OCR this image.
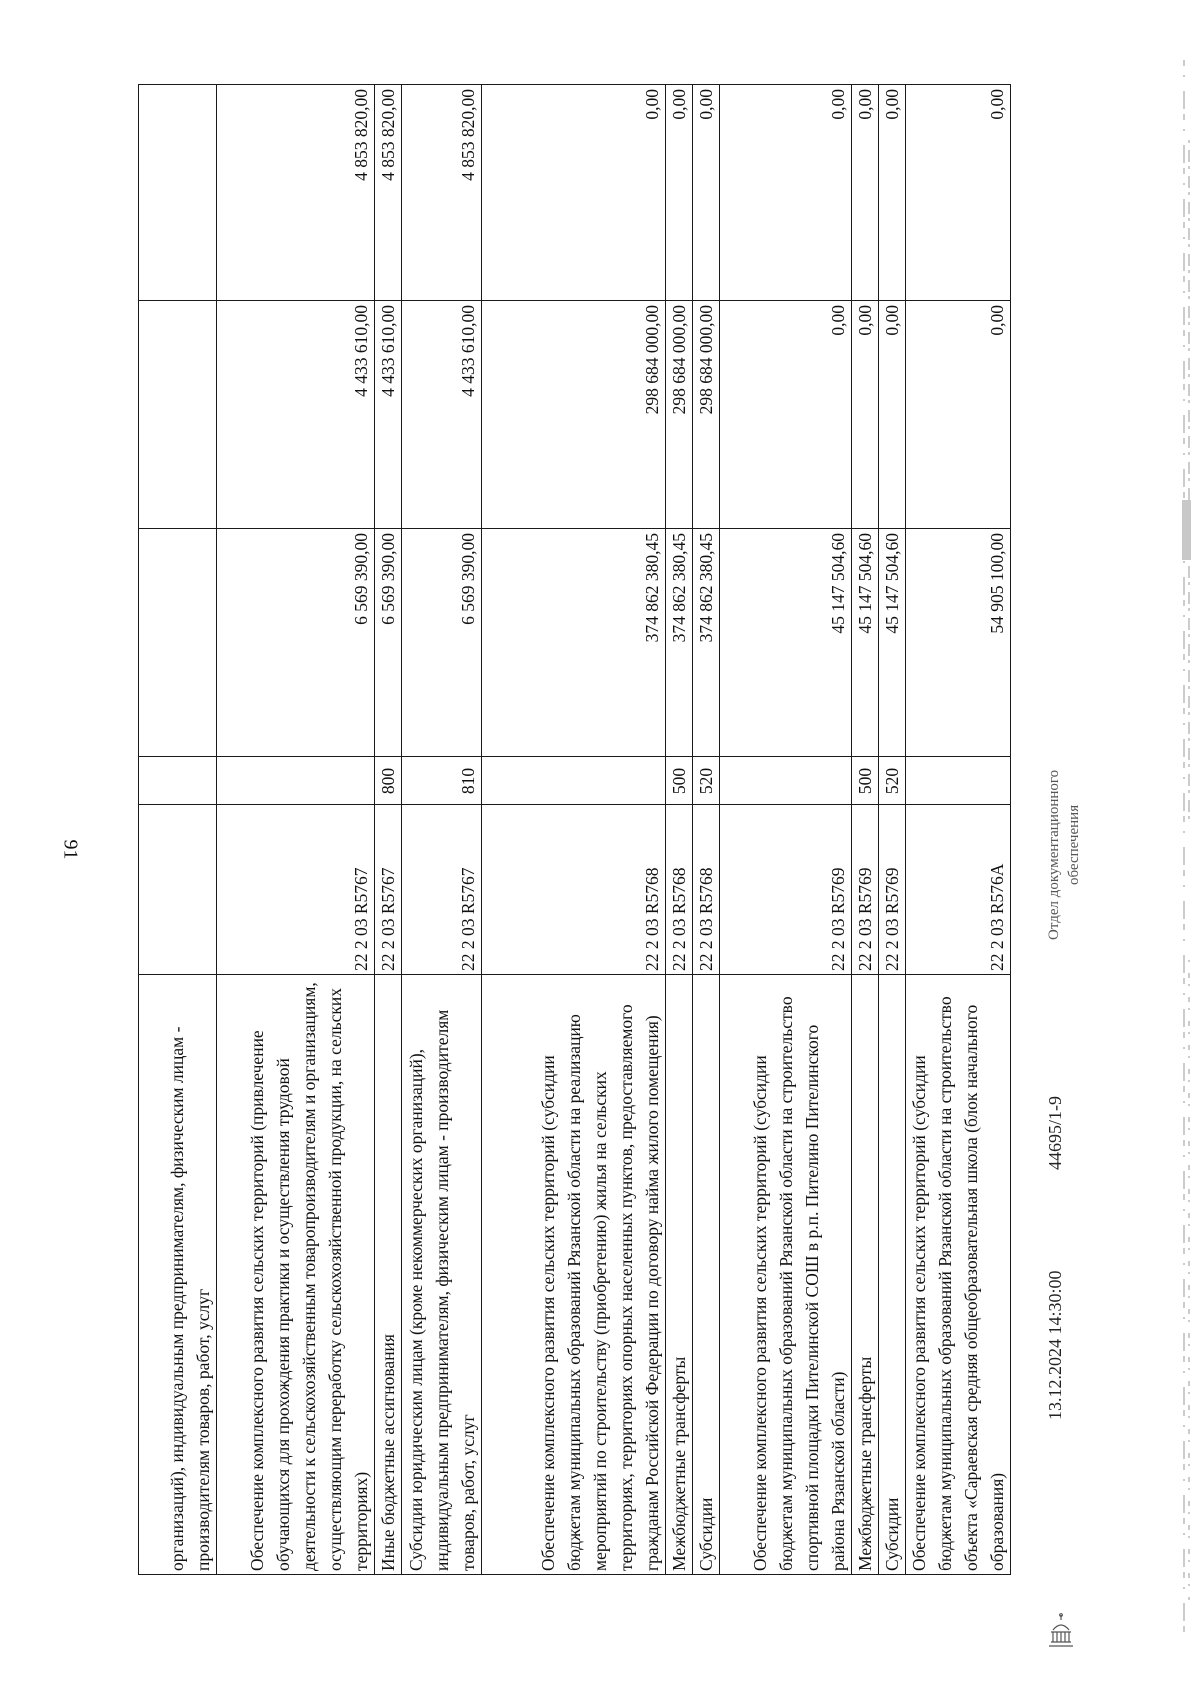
организаций), индивидуальным предпринимателям, физическим лицам - производителям товаров, работ, услуг					
Обеспечение комплексного развития сельских территорий (привлечение обучающихся для прохождения практики и осуществления трудовой деятельности к сельскохозяйственным товаропроизводителям и организациям, осуществляющим переработку сельскохозяйственной продукции, на сельских территориях)	22 2 03 R5767		6 569 390,00	4 433 610,00	4 853 820,00
Иные бюджетные ассигнования	22 2 03 R5767	800	6 569 390,00	4 433 610,00	4 853 820,00
Субсидии юридическим лицам (кроме некоммерческих организаций), индивидуальным предпринимателям, физическим лицам - производителям товаров, работ, услуг	22 2 03 R5767	810	6 569 390,00	4 433 610,00	4 853 820,00
Обеспечение комплексного развития сельских территорий (субсидии бюджетам муниципальных образований Рязанской области на реализацию мероприятий по строительству (приобретению) жилья на сельских территориях, территориях опорных населенных пунктов, предоставляемого гражданам Российской Федерации по договору найма жилого помещения)	22 2 03 R5768		374 862 380,45	298 684 000,00	0,00
Межбюджетные трансферты	22 2 03 R5768	500	374 862 380,45	298 684 000,00	0,00
Субсидии	22 2 03 R5768	520	374 862 380,45	298 684 000,00	0,00
Обеспечение комплексного развития сельских территорий (субсидии бюджетам муниципальных образований Рязанской области на строительство спортивной площадки Пителинской СОШ в р.п. Пителино Пителинского района Рязанской области)	22 2 03 R5769		45 147 504,60	0,00	0,00
Межбюджетные трансферты	22 2 03 R5769	500	45 147 504,60	0,00	0,00
Субсидии	22 2 03 R5769	520	45 147 504,60	0,00	0,00
Обеспечение комплексного развития сельских территорий (субсидии бюджетам муниципальных образований Рязанской области на строительство объекта «Сараевская средняя общеобразовательная школа (блок начального образования)	22 2 03 R576А		54 905 100,00	0,00	0,00
91
13.12.2024 14:30:00
44695/1-9
Отдел документационного обеспечения
